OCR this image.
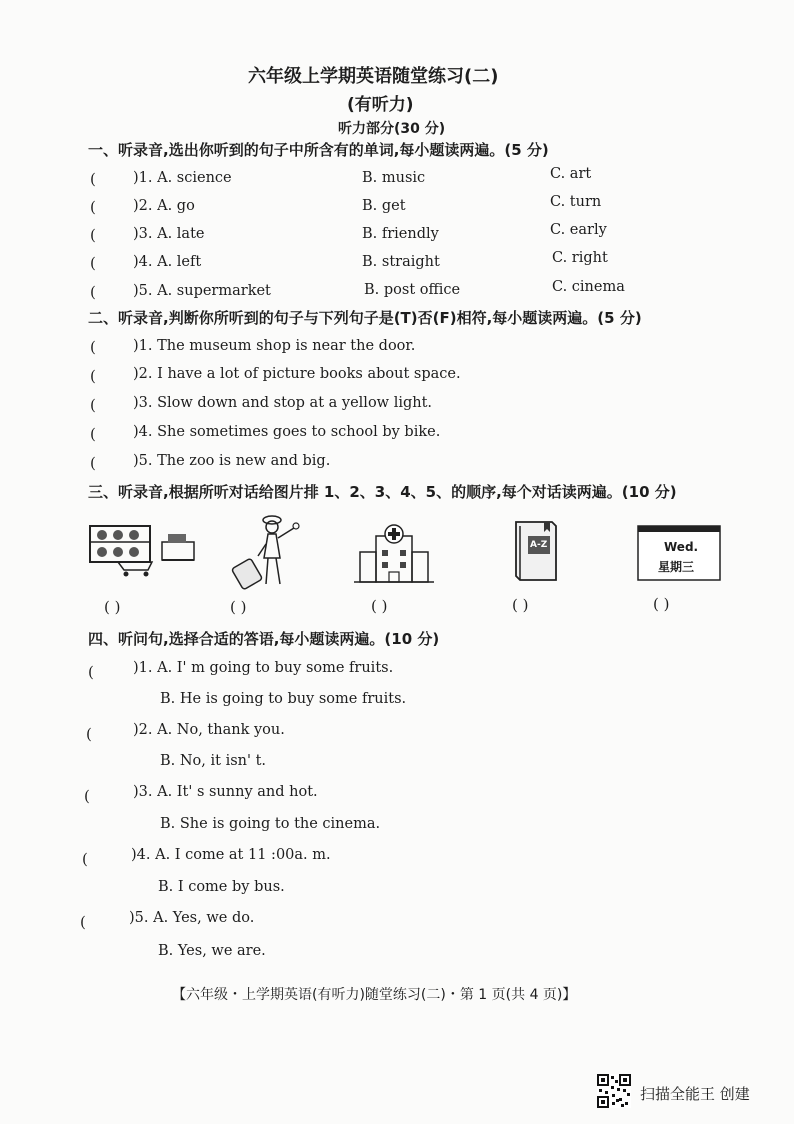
六年级上学期英语随堂练习(二)
(有听力)
听力部分(30 分)
一、听录音,选出你听到的句子中所含有的单词,每小题读两遍。(5 分)
(	)1. A. science	B. music	C. art
(	)2. A. go	B. get	C. turn
(	)3. A. late	B. friendly	C. early
(	)4. A. left	B. straight	C. right
(	)5. A. supermarket	B. post office	C. cinema
二、听录音,判断你所听到的句子与下列句子是(T)否(F)相符,每小题读两遍。(5 分)
(	)1. The museum shop is near the door.
(	)2. I have a lot of picture books about space.
(	)3. Slow down and stop at a yellow light.
(	)4. She sometimes goes to school by bike.
(	)5. The zoo is new and big.
三、听录音,根据所听对话给图片排 1、2、3、4、5、的顺序,每个对话读两遍。(10 分)
A-Z	Wed.
星期三
( )	( )	( )	( )	( )
四、听问句,选择合适的答语,每小题读两遍。(10 分)
(	)1. A. I' m going to buy some fruits.
B. He is going to buy some fruits.
(	)2. A. No, thank you.
B. No, it isn' t.
(	)3. A. It' s sunny and hot.
B. She is going to the cinema.
(	)4. A. I come at 11 :00a. m.
B. I come by bus.
(	)5. A. Yes, we do.
B. Yes, we are.
【六年级・上学期英语(有听力)随堂练习(二)・第 1 页(共 4 页)】
扫描全能王 创建
